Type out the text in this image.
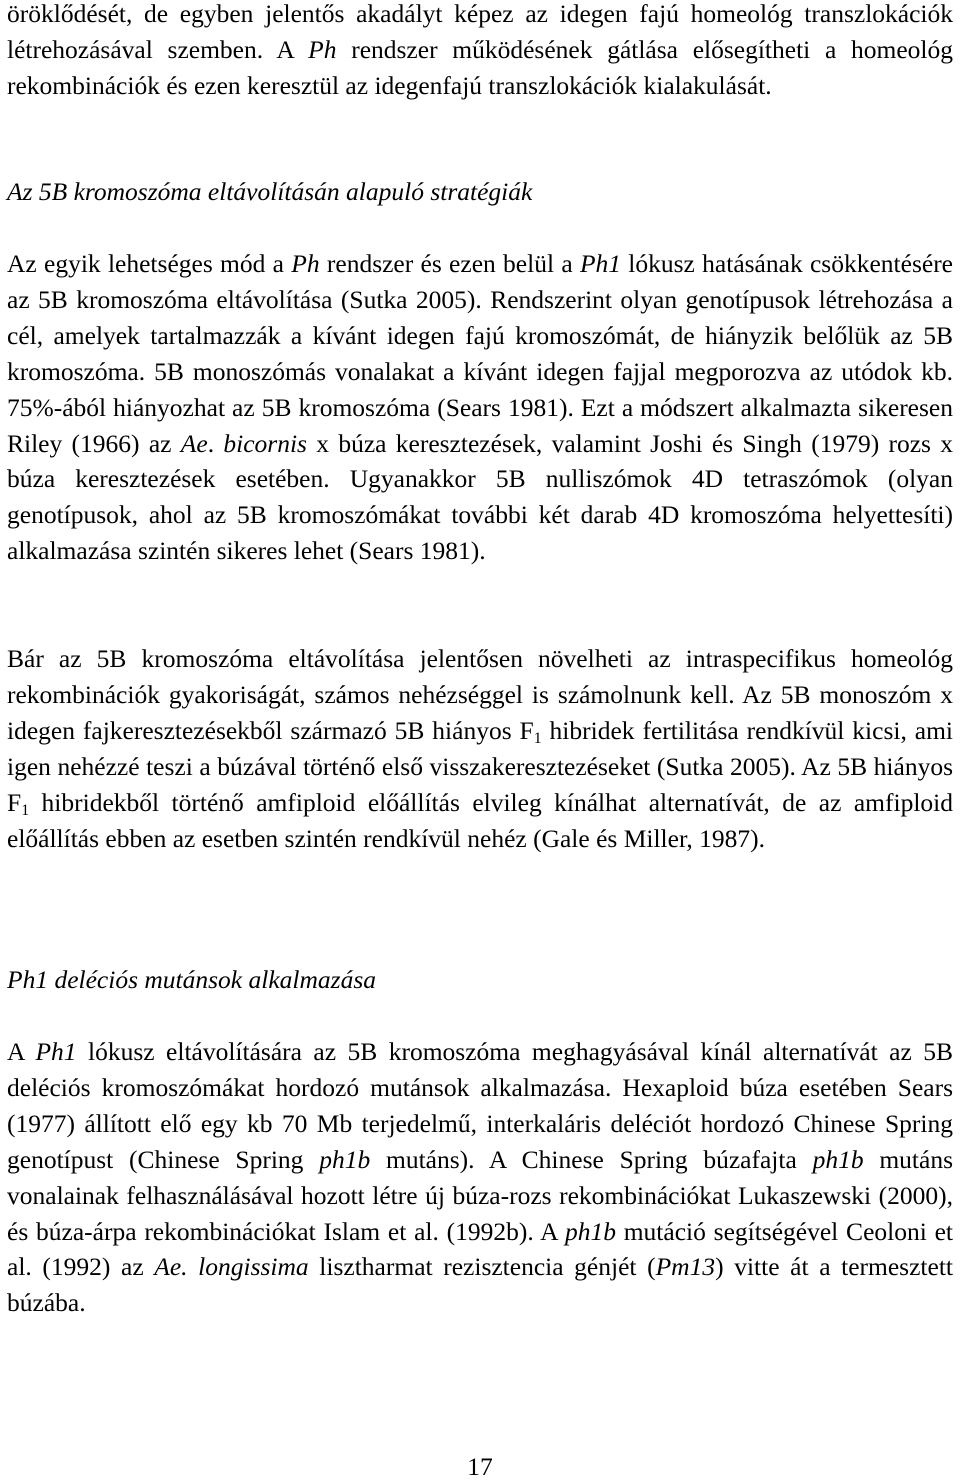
öröklődését, de egyben jelentős akadályt képez az idegen fajú homeológ transzlokációk létrehozásával szemben. A Ph rendszer működésének gátlása elősegítheti a homeológ rekombinációk és ezen keresztül az idegenfajú transzlokációk kialakulását.

Az 5B kromoszóma eltávolításán alapuló stratégiák

Az egyik lehetséges mód a Ph rendszer és ezen belül a Ph1 lókusz hatásának csökkentésére az 5B kromoszóma eltávolítása (Sutka 2005). Rendszerint olyan genotípusok létrehozása a cél, amelyek tartalmazzák a kívánt idegen fajú kromoszómát, de hiányzik belőlük az 5B kromoszóma. 5B monoszómás vonalakat a kívánt idegen fajjal megporozva az utódok kb. 75%-ából hiányozhat az 5B kromoszóma (Sears 1981). Ezt a módszert alkalmazta sikeresen Riley (1966) az Ae. bicornis x búza keresztezések, valamint Joshi és Singh (1979) rozs x búza keresztezések esetében. Ugyanakkor 5B nulliszómok 4D tetraszómok (olyan genotípusok, ahol az 5B kromoszómákat további két darab 4D kromoszóma helyettesíti) alkalmazása szintén sikeres lehet (Sears 1981).

Bár az 5B kromoszóma eltávolítása jelentősen növelheti az intraspecifikus homeológ rekombinációk gyakoriságát, számos nehézséggel is számolnunk kell. Az 5B monoszóm x idegen fajkeresztezésekből származó 5B hiányos $F_1$ hibridek fertilitása rendkívül kicsi, ami igen nehézzé teszi a búzával történő első visszakeresztezéseket (Sutka 2005). Az 5B hiányos $F_1$ hibridekből történő amfiploid előállítás elvileg kínálhat alternatívát, de az amfiploid előállítás ebben az esetben szintén rendkívül nehéz (Gale és Miller, 1987).

Ph1 deléciós mutánsok alkalmazása

A Ph1 lókusz eltávolítására az 5B kromoszóma meghagyásával kínál alternatívát az 5B deléciós kromoszómákat hordozó mutánsok alkalmazása. Hexaploid búza esetében Sears (1977) állított elő egy kb 70 Mb terjedelmű, interkaláris deléciót hordozó Chinese Spring genotípust (Chinese Spring ph1b mutáns). A Chinese Spring búzafajta ph1b mutáns vonalainak felhasználásával hozott létre új búza-rozs rekombinációkat Lukaszewski (2000), és búza-árpa rekombinációkat Islam et al. (1992b). A ph1b mutáció segítségével Ceoloni et al. (1992) az Ae. longissima lisztharmat rezisztencia génjét (Pm13) vitte át a termesztett búzába.

17
